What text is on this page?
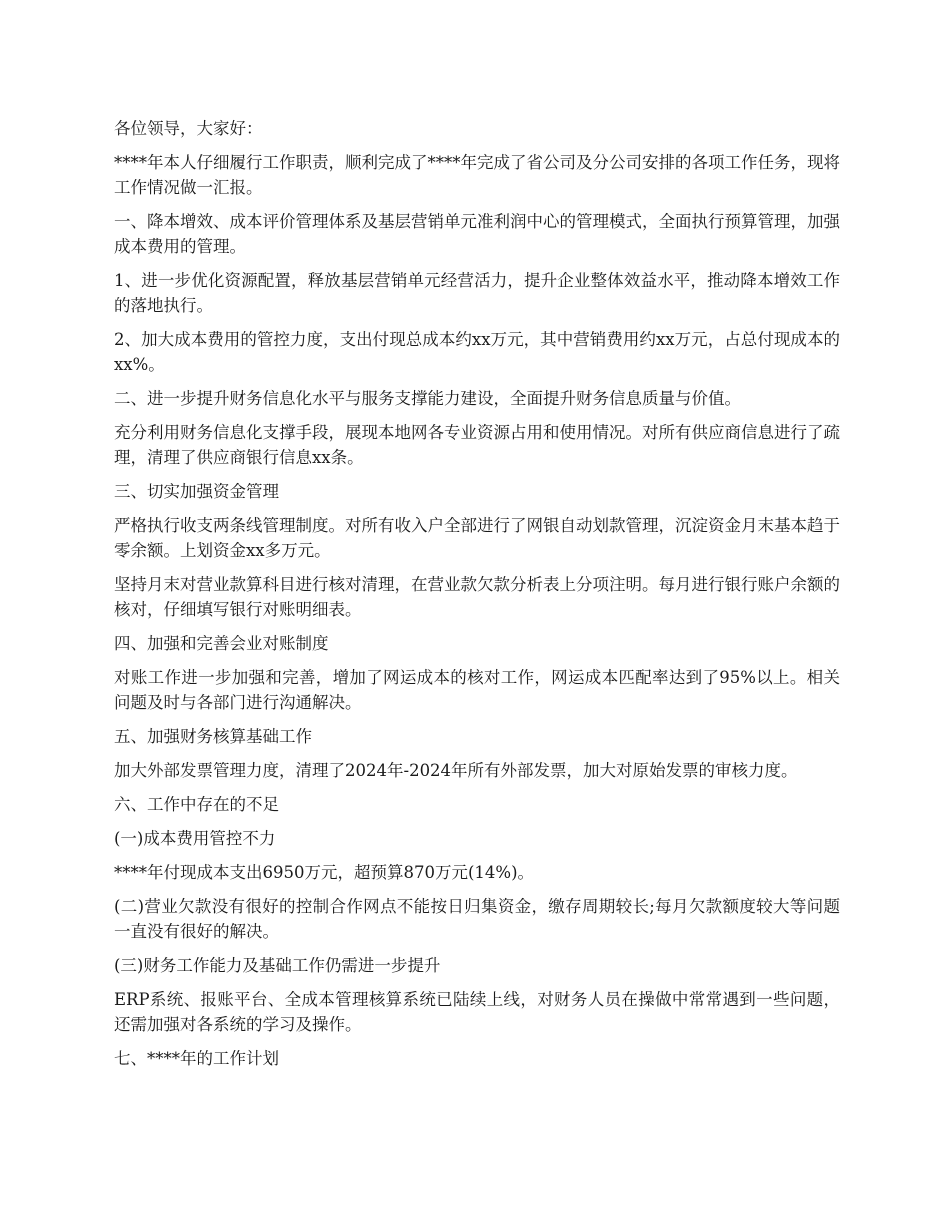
各位领导，大家好：

****年本人仔细履行工作职责，顺利完成了****年完成了省公司及分公司安排的各项工作任务，现将工作情况做一汇报。

一、降本增效、成本评价管理体系及基层营销单元准利润中心的管理模式，全面执行预算管理，加强成本费用的管理。

1、进一步优化资源配置，释放基层营销单元经营活力，提升企业整体效益水平，推动降本增效工作的落地执行。

2、加大成本费用的管控力度，支出付现总成本约xx万元，其中营销费用约xx万元，占总付现成本的xx%。

二、进一步提升财务信息化水平与服务支撑能力建设，全面提升财务信息质量与价值。

充分利用财务信息化支撑手段，展现本地网各专业资源占用和使用情况。对所有供应商信息进行了疏理，清理了供应商银行信息xx条。

三、切实加强资金管理

严格执行收支两条线管理制度。对所有收入户全部进行了网银自动划款管理，沉淀资金月末基本趋于零余额。上划资金xx多万元。

坚持月末对营业款算科目进行核对清理，在营业款欠款分析表上分项注明。每月进行银行账户余额的核对，仔细填写银行对账明细表。

四、加强和完善会业对账制度

对账工作进一步加强和完善，增加了网运成本的核对工作，网运成本匹配率达到了95%以上。相关问题及时与各部门进行沟通解决。

五、加强财务核算基础工作

加大外部发票管理力度，清理了2024年-2024年所有外部发票，加大对原始发票的审核力度。

六、工作中存在的不足

(一)成本费用管控不力

****年付现成本支出6950万元，超预算870万元(14%)。

(二)营业欠款没有很好的控制合作网点不能按日归集资金，缴存周期较长;每月欠款额度较大等问题一直没有很好的解决。

(三)财务工作能力及基础工作仍需进一步提升

ERP系统、报账平台、全成本管理核算系统已陆续上线，对财务人员在操做中常常遇到一些问题，还需加强对各系统的学习及操作。

七、****年的工作计划
